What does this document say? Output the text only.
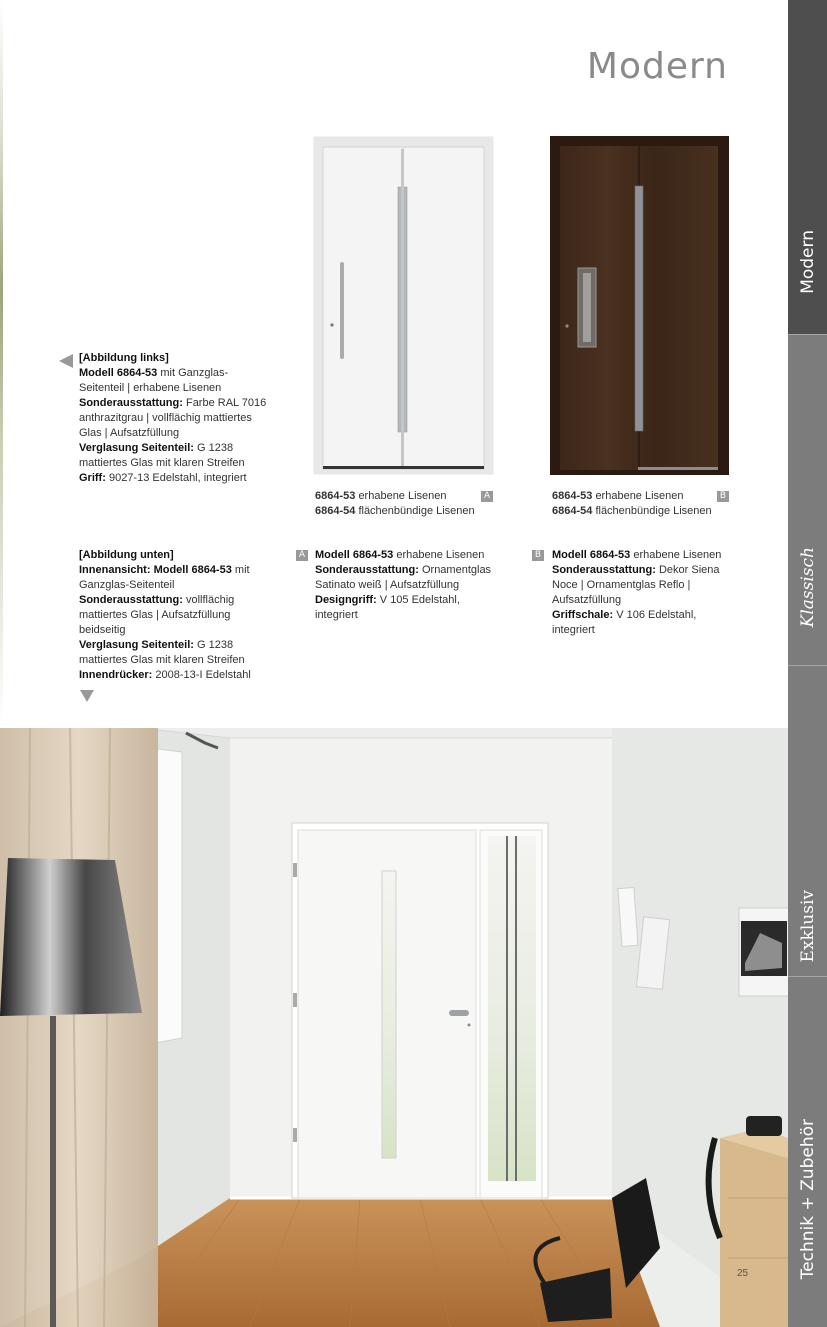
Modern
[Abbildung links]
Modell 6864-53 mit Ganzglas-
Seitenteil | erhabene Lisenen
Sonderausstattung: Farbe RAL 7016
anthrazitgrau | vollflächig mattiertes
Glas | Aufsatzfüllung
Verglasung Seitenteil: G 1238
mattiertes Glas mit klaren Streifen
Griff: 9027-13 Edelstahl, integriert
[Abbildung unten]
Innenansicht: Modell 6864-53 mit
Ganzglas-Seitenteil
Sonderausstattung: vollflächig
mattiertes Glas | Aufsatzfüllung
beidseitig
Verglasung Seitenteil: G 1238
mattiertes Glas mit klaren Streifen
Innendrücker: 2008-13-I Edelstahl
6864-53 erhabene Lisenen
6864-54 flächenbündige Lisenen
A	6864-53 erhabene Lisenen
6864-54 flächenbündige Lisenen
B
A Modell 6864-53 erhabene Lisenen
Sonderausstattung: Ornamentglas
Satinato weiß | Aufsatzfüllung
Designgriff: V 105 Edelstahl,
integriert
B Modell 6864-53 erhabene Lisenen
Sonderausstattung: Dekor Siena
Noce | Ornamentglas Reflo |
Aufsatzfüllung
Griffschale: V 106 Edelstahl,
integriert
25
Modern
Klassisch
Exklusiv
Technik + Zubehör
